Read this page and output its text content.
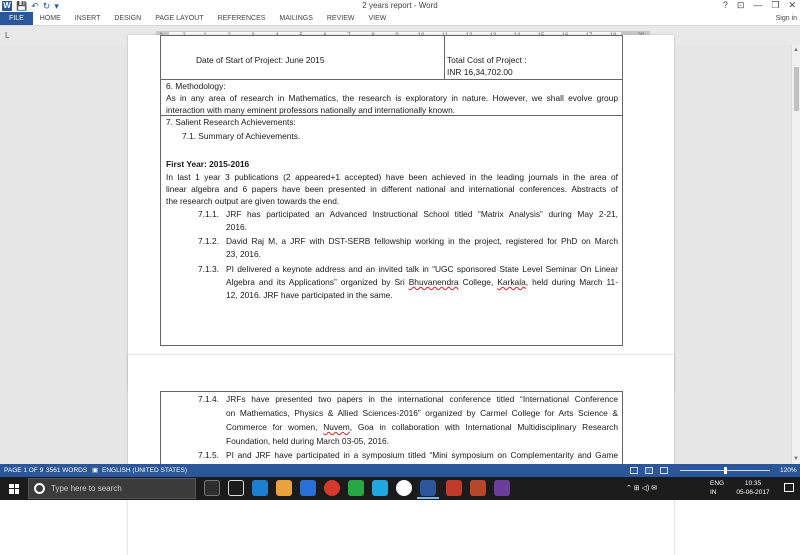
W 💾 ↶ ↻ ▾	2 years report - Word	? ⊡ — ❐ ✕
FILE	HOME	INSERT	DESIGN	PAGE LAYOUT	REFERENCES	MAILINGS	REVIEW	VIEW	Sign in
L
Date of Start of Project: June 2015	Total Cost of Project :
INR 16,34,702.00
6. Methodology:
As in any area of research in Mathematics, the research is exploratory in nature. However, we shall evolve group
interaction with many eminent professors nationally and internationally known.
7. Salient Research Achievements:
7.1. Summary of Achievements.
First Year: 2015-2016
In last 1 year 3 publications (2 appeared+1 accepted) have been achieved in the leading journals in the area of
linear algebra and 6 papers have been presented in different national and international conferences. Abstracts of
the research output are given towards the end.
7.1.1. JRF has participated an Advanced Instructional School titled “Matrix Analysis” during May 2-21,
2016.
7.1.2. David Raj M, a JRF with DST-SERB fellowship working in the project, registered for PhD on March
23, 2016.
7.1.3. PI delivered a keynote address and an invited talk in “UGC sponsored State Level Seminar On Linear
Algebra and its Applications” organized by Sri Bhuvanendra College, Karkala, held during March 11-
12, 2016. JRF have participated in the same.
7.1.4. JRFs have presented two papers in the international conference titled “International Conference
on Mathematics, Physics & Allied Sciences-2016” organized by Carmel College for Arts Science &
Commerce for women, Nuvem, Goa in collaboration with International Multidisciplinary Research
Foundation, held during March 03-05, 2016.
7.1.5. PI and JRF have participated in a symposium titled “Mini symposium on Complementarity and Game
▲
▼
PAGE 1 OF 9 3561 WORDS ▣ ENGLISH (UNITED STATES)	120%
Type here to search
⌃ ⊞ ◁) ✉
ENG
IN
10:35
05-06-2017
